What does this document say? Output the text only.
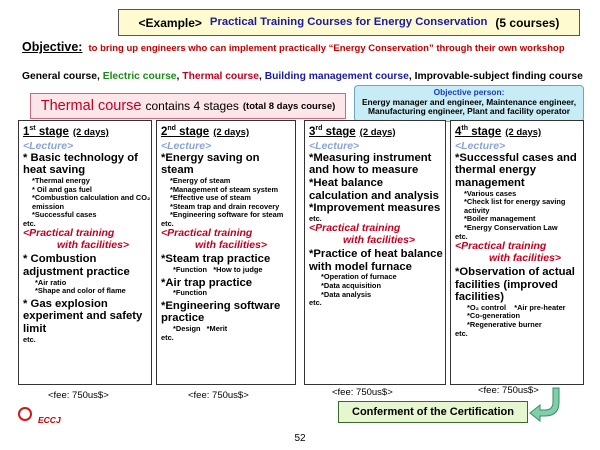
<Example> Practical Training Courses for Energy Conservation (5 courses)
Objective: to bring up engineers who can implement practically “Energy Conservation” through their own workshop
General course, Electric course, Thermal course, Building management course, Improvable-subject finding course
Thermal course contains 4 stages (total 8 days course)
Objective person:
Energy manager and engineer, Maintenance engineer,
Manufacturing engineer, Plant and facility operator
1st stage (2 days)
<Lecture>
* Basic technology of heat saving
*Thermal energy
* Oil and gas fuel
*Combustion calculation and CO₂ emission
*Successful cases
etc.
<Practical training
with facilities>
* Combustion adjustment practice
*Air ratio
*Shape and color of flame
* Gas explosion experiment and safety limit
etc.
2nd stage (2 days)
<Lecture>
*Energy saving on steam
*Energy of steam
*Management of steam system
*Effective use of steam
*Steam trap and drain recovery
*Engineering software for steam
etc.
<Practical training
with facilities>
*Steam trap practice
*Function   *How to judge
*Air trap practice
*Function
*Engineering software practice
*Design   *Merit
etc.
3rd stage (2 days)
<Lecture>
*Measuring instrument and how to measure
*Heat balance calculation and analysis
*Improvement measures
etc.
<Practical training
with facilities>
*Practice of heat balance with model furnace
*Operation of furnace
*Data acquisition
*Data analysis
etc.
4th stage (2 days)
<Lecture>
*Successful cases and thermal energy management
*Various cases
*Check list for energy saving activity
*Boiler management
*Energy Conservation Law
etc.
<Practical training
with facilities>
*Observation of actual facilities (improved facilities)
*O₂ control    *Air pre-heater
*Co-generation
*Regenerative burner
etc.
<fee: 750us$>	<fee: 750us$>	<fee: 750us$>	<fee: 750us$>
Conferment of the Certification
ECCJ
52
